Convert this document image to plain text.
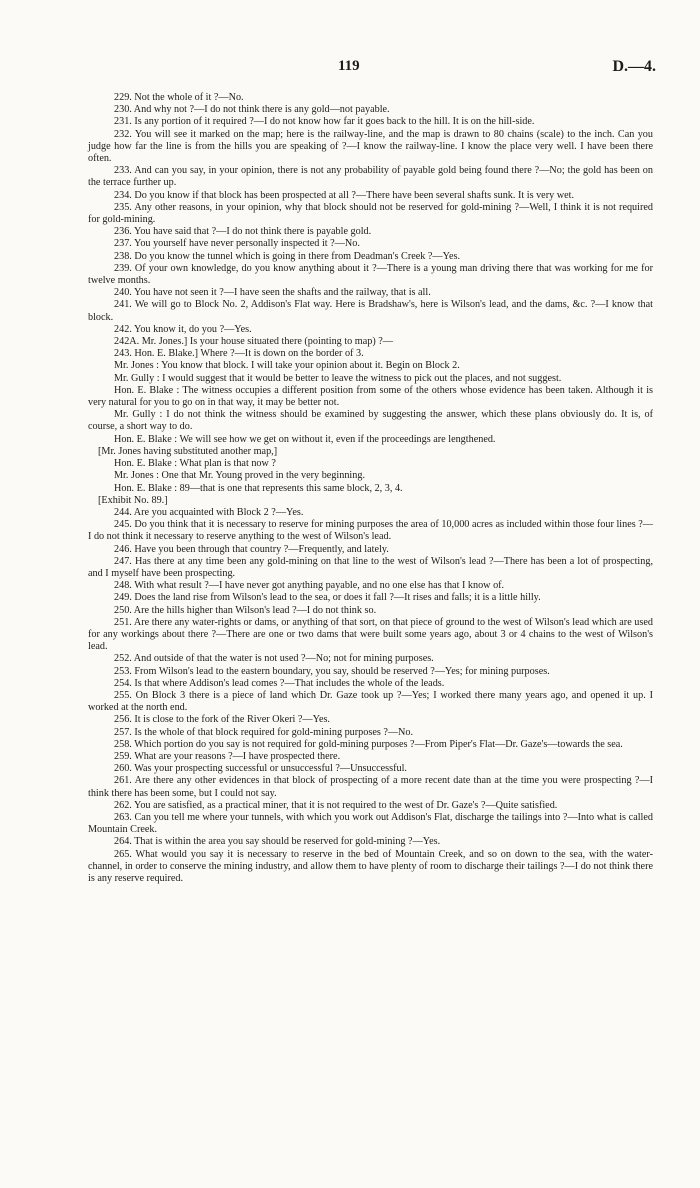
119	D.—4.

229. Not the whole of it ?—No.

230. And why not ?—I do not think there is any gold—not payable.

231. Is any portion of it required ?—I do not know how far it goes back to the hill. It is on the hill-side.

232. You will see it marked on the map; here is the railway-line, and the map is drawn to 80 chains (scale) to the inch. Can you judge how far the line is from the hills you are speaking of ?—I know the railway-line. I know the place very well. I have been there often.

233. And can you say, in your opinion, there is not any probability of payable gold being found there ?—No; the gold has been on the terrace further up.

234. Do you know if that block has been prospected at all ?—There have been several shafts sunk. It is very wet.

235. Any other reasons, in your opinion, why that block should not be reserved for gold-mining ?—Well, I think it is not required for gold-mining.

236. You have said that ?—I do not think there is payable gold.

237. You yourself have never personally inspected it ?—No.

238. Do you know the tunnel which is going in there from Deadman's Creek ?—Yes.

239. Of your own knowledge, do you know anything about it ?—There is a young man driving there that was working for me for twelve months.

240. You have not seen it ?—I have seen the shafts and the railway, that is all.

241. We will go to Block No. 2, Addison's Flat way. Here is Bradshaw's, here is Wilson's lead, and the dams, &c. ?—I know that block.

242. You know it, do you ?—Yes.

242A. Mr. Jones.] Is your house situated there (pointing to map) ?—

243. Hon. E. Blake.] Where ?—It is down on the border of 3.

Mr. Jones : You know that block. I will take your opinion about it. Begin on Block 2.

Mr. Gully : I would suggest that it would be better to leave the witness to pick out the places, and not suggest.

Hon. E. Blake : The witness occupies a different position from some of the others whose evidence has been taken. Although it is very natural for you to go on in that way, it may be better not.

Mr. Gully : I do not think the witness should be examined by suggesting the answer, which these plans obviously do. It is, of course, a short way to do.

Hon. E. Blake : We will see how we get on without it, even if the proceedings are lengthened.

[Mr. Jones having substituted another map,]

Hon. E. Blake : What plan is that now ?

Mr. Jones : One that Mr. Young proved in the very beginning.

Hon. E. Blake : 89—that is one that represents this same block, 2, 3, 4.

[Exhibit No. 89.]

244. Are you acquainted with Block 2 ?—Yes.

245. Do you think that it is necessary to reserve for mining purposes the area of 10,000 acres as included within those four lines ?—I do not think it necessary to reserve anything to the west of Wilson's lead.

246. Have you been through that country ?—Frequently, and lately.

247. Has there at any time been any gold-mining on that line to the west of Wilson's lead ?—There has been a lot of prospecting, and I myself have been prospecting.

248. With what result ?—I have never got anything payable, and no one else has that I know of.

249. Does the land rise from Wilson's lead to the sea, or does it fall ?—It rises and falls; it is a little hilly.

250. Are the hills higher than Wilson's lead ?—I do not think so.

251. Are there any water-rights or dams, or anything of that sort, on that piece of ground to the west of Wilson's lead which are used for any workings about there ?—There are one or two dams that were built some years ago, about 3 or 4 chains to the west of Wilson's lead.

252. And outside of that the water is not used ?—No; not for mining purposes.

253. From Wilson's lead to the eastern boundary, you say, should be reserved ?—Yes; for mining purposes.

254. Is that where Addison's lead comes ?—That includes the whole of the leads.

255. On Block 3 there is a piece of land which Dr. Gaze took up ?—Yes; I worked there many years ago, and opened it up. I worked at the north end.

256. It is close to the fork of the River Okeri ?—Yes.

257. Is the whole of that block required for gold-mining purposes ?—No.

258. Which portion do you say is not required for gold-mining purposes ?—From Piper's Flat—Dr. Gaze's—towards the sea.

259. What are your reasons ?—I have prospected there.

260. Was your prospecting successful or unsuccessful ?—Unsuccessful.

261. Are there any other evidences in that block of prospecting of a more recent date than at the time you were prospecting ?—I think there has been some, but I could not say.

262. You are satisfied, as a practical miner, that it is not required to the west of Dr. Gaze's ?—Quite satisfied.

263. Can you tell me where your tunnels, with which you work out Addison's Flat, discharge the tailings into ?—Into what is called Mountain Creek.

264. That is within the area you say should be reserved for gold-mining ?—Yes.

265. What would you say it is necessary to reserve in the bed of Mountain Creek, and so on down to the sea, with the water-channel, in order to conserve the mining industry, and allow them to have plenty of room to discharge their tailings ?—I do not think there is any reserve required.
